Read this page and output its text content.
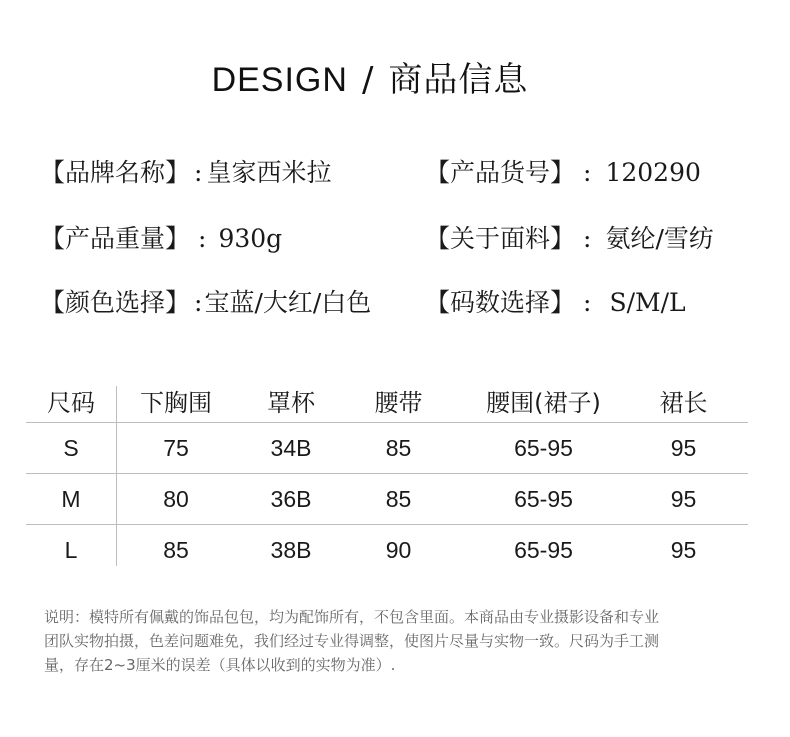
DESIGN / 商品信息
【品牌名称】 : 皇家西米拉	【产品货号】 : 120290
【产品重量】 : 930g	【关于面料】 : 氨纶/雪纺
【颜色选择】 :宝蓝/大红/白色 【码数选择】 : S/M/L
尺码	下胸围	罩杯	腰带	腰围(裙子)	裙长
S	75	34B	85	65-95	95
M	80	36B	85	65-95	95
L	85	38B	90	65-95	95
说明：模特所有佩戴的饰品包包，均为配饰所有，不包含里面。本商品由专业摄影设备和专业
团队实物拍摄，色差问题难免，我们经过专业得调整，使图片尽量与实物一致。尺码为手工测
量，存在2~3厘米的误差（具体以收到的实物为准）.
